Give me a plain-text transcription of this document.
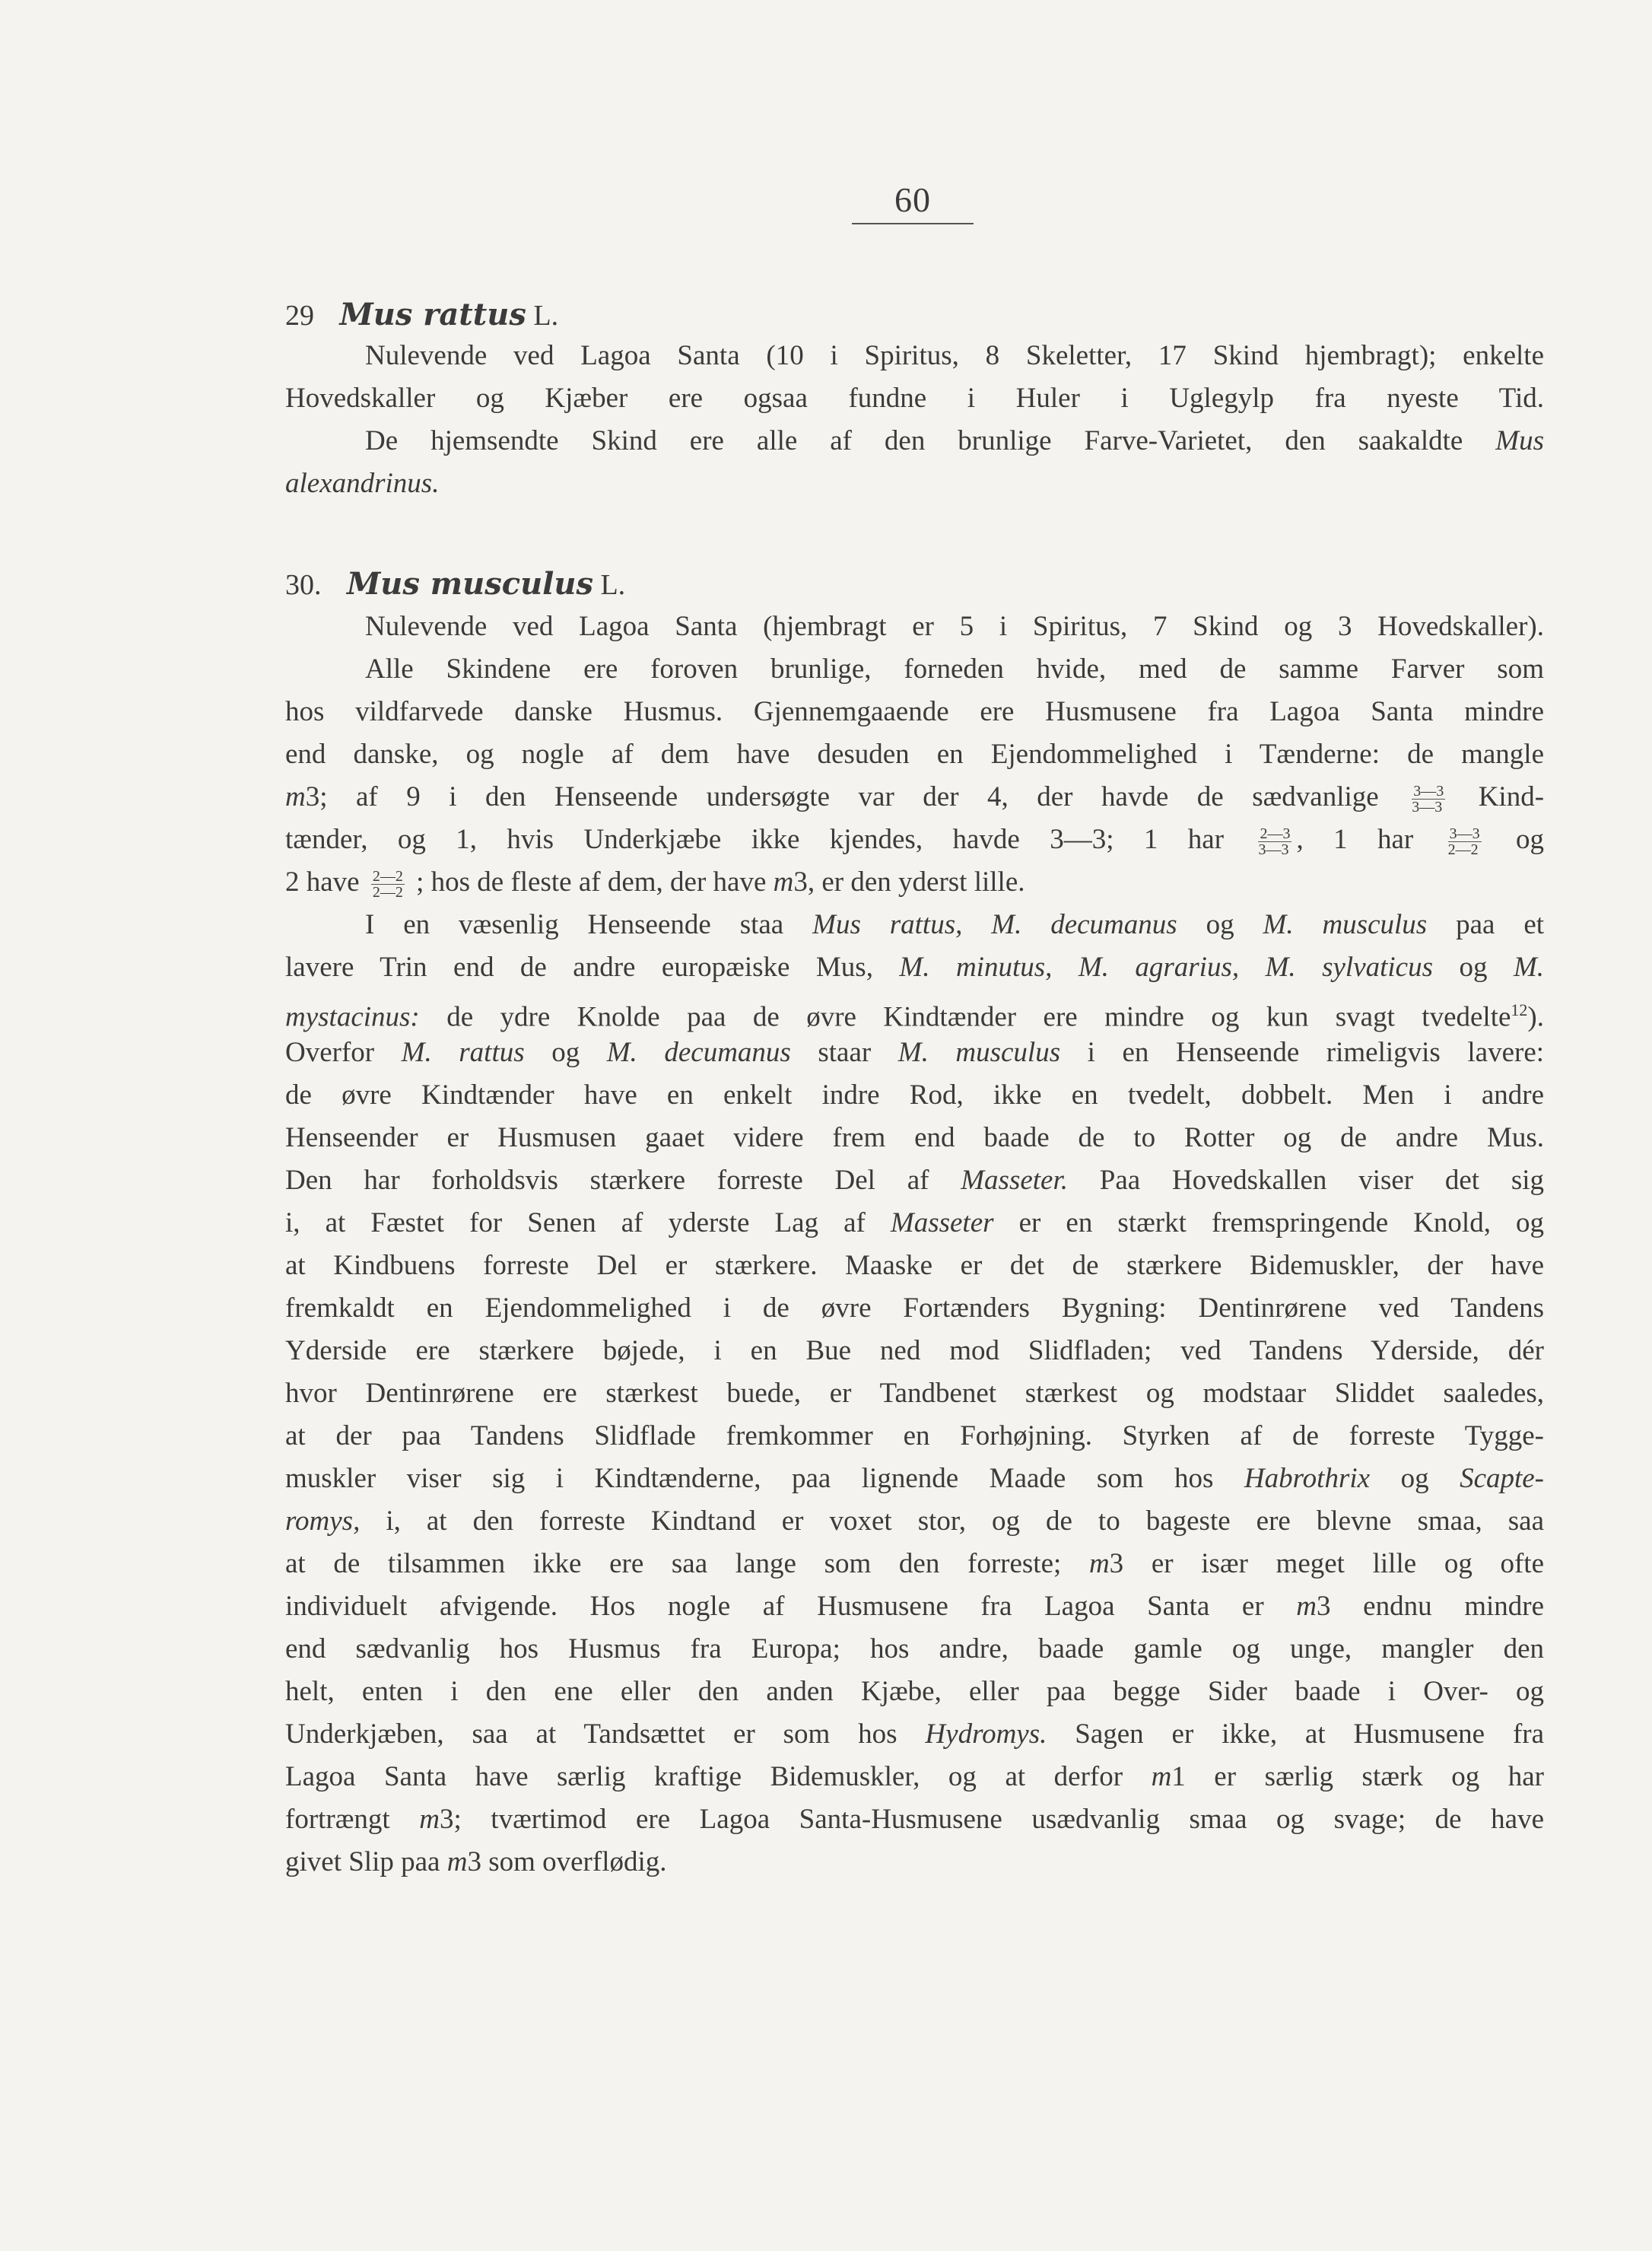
60
29 Mus rattus L.
Nulevende ved Lagoa Santa (10 i Spiritus, 8 Skeletter, 17 Skind hjembragt); enkelte
Hovedskaller og Kjæber ere ogsaa fundne i Huler i Uglegylp fra nyeste Tid.
De hjemsendte Skind ere alle af den brunlige Farve-Varietet, den saakaldte Mus
alexandrinus.
30. Mus musculus L.
Nulevende ved Lagoa Santa (hjembragt er 5 i Spiritus, 7 Skind og 3 Hovedskaller).
Alle Skindene ere foroven brunlige, forneden hvide, med de samme Farver som
hos vildfarvede danske Husmus. Gjennemgaaende ere Husmusene fra Lagoa Santa mindre
end danske, og nogle af dem have desuden en Ejendommelighed i Tænderne: de mangle
m3; af 9 i den Henseende undersøgte var der 4, der havde de sædvanlige $\frac{3—3}{3—3}$ Kind-
tænder, og 1, hvis Underkjæbe ikke kjendes, havde 3—3; 1 har $\frac{2—3}{3—3}$ , 1 har $\frac{3—3}{2—2}$ og
2 have $\frac{2—2}{2—2}$ ; hos de fleste af dem, der have m3, er den yderst lille.
I en væsenlig Henseende staa Mus rattus, M. decumanus og M. musculus paa et
lavere Trin end de andre europæiske Mus, M. minutus, M. agrarius, M. sylvaticus og M.
mystacinus: de ydre Knolde paa de øvre Kindtænder ere mindre og kun svagt tvedelte$^{12}$).
Overfor M. rattus og M. decumanus staar M. musculus i en Henseende rimeligvis lavere:
de øvre Kindtænder have en enkelt indre Rod, ikke en tvedelt, dobbelt. Men i andre
Henseender er Husmusen gaaet videre frem end baade de to Rotter og de andre Mus.
Den har forholdsvis stærkere forreste Del af Masseter. Paa Hovedskallen viser det sig
i, at Fæstet for Senen af yderste Lag af Masseter er en stærkt fremspringende Knold, og
at Kindbuens forreste Del er stærkere. Maaske er det de stærkere Bidemuskler, der have
fremkaldt en Ejendommelighed i de øvre Fortænders Bygning: Dentinrørene ved Tandens
Yderside ere stærkere bøjede, i en Bue ned mod Slidfladen; ved Tandens Yderside, dér
hvor Dentinrørene ere stærkest buede, er Tandbenet stærkest og modstaar Sliddet saaledes,
at der paa Tandens Slidflade fremkommer en Forhøjning. Styrken af de forreste Tygge-
muskler viser sig i Kindtænderne, paa lignende Maade som hos Habrothrix og Scapte-
romys, i, at den forreste Kindtand er voxet stor, og de to bageste ere blevne smaa, saa
at de tilsammen ikke ere saa lange som den forreste; m3 er især meget lille og ofte
individuelt afvigende. Hos nogle af Husmusene fra Lagoa Santa er m3 endnu mindre
end sædvanlig hos Husmus fra Europa; hos andre, baade gamle og unge, mangler den
helt, enten i den ene eller den anden Kjæbe, eller paa begge Sider baade i Over- og
Underkjæben, saa at Tandsættet er som hos Hydromys. Sagen er ikke, at Husmusene fra
Lagoa Santa have særlig kraftige Bidemuskler, og at derfor m1 er særlig stærk og har
fortrængt m3; tværtimod ere Lagoa Santa-Husmusene usædvanlig smaa og svage; de have
givet Slip paa m3 som overflødig.
